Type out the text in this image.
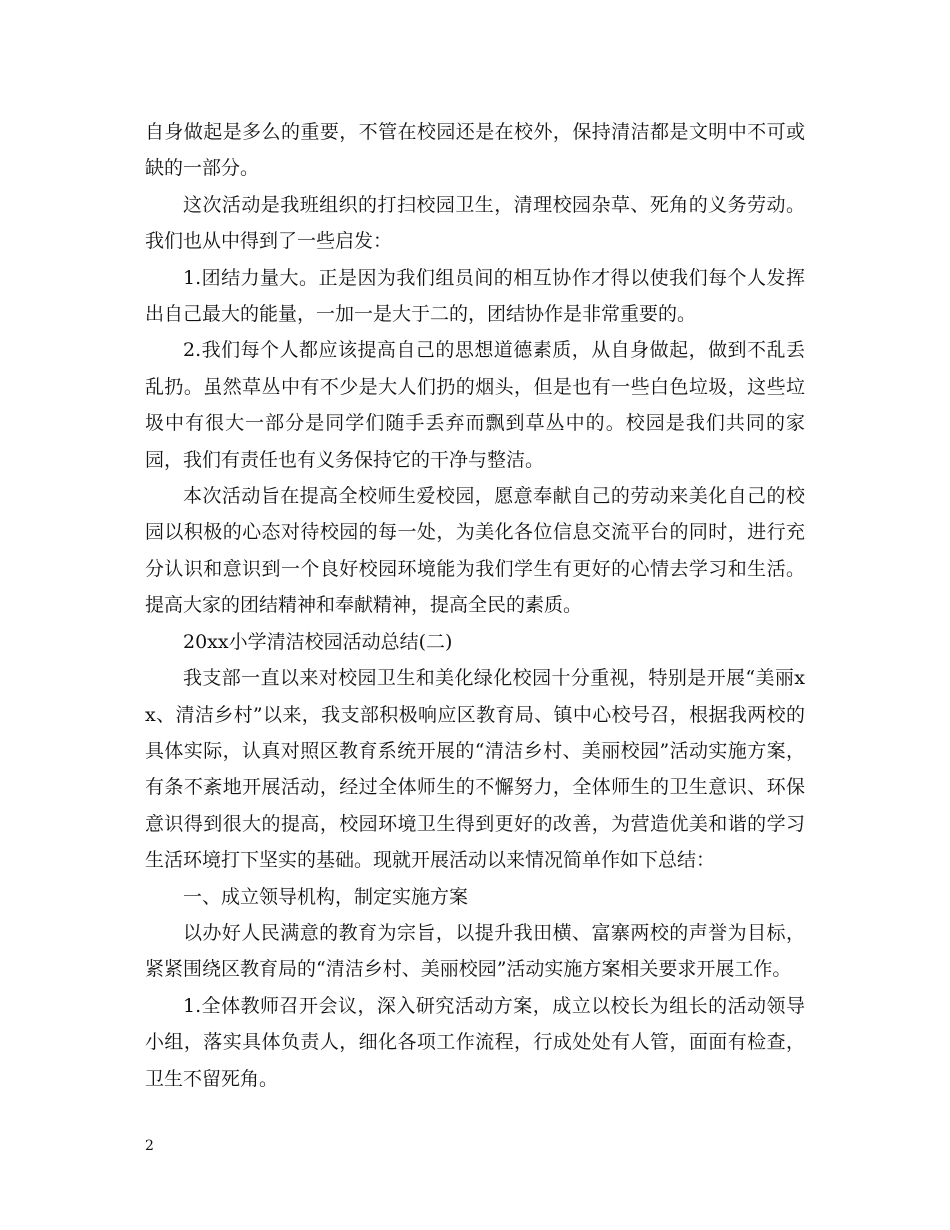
自身做起是多么的重要，不管在校园还是在校外，保持清洁都是文明中不可或缺的一部分。

这次活动是我班组织的打扫校园卫生，清理校园杂草、死角的义务劳动。我们也从中得到了一些启发：

1.团结力量大。正是因为我们组员间的相互协作才得以使我们每个人发挥出自己最大的能量，一加一是大于二的，团结协作是非常重要的。

2.我们每个人都应该提高自己的思想道德素质，从自身做起，做到不乱丢乱扔。虽然草丛中有不少是大人们扔的烟头，但是也有一些白色垃圾，这些垃圾中有很大一部分是同学们随手丢弃而飘到草丛中的。校园是我们共同的家园，我们有责任也有义务保持它的干净与整洁。

本次活动旨在提高全校师生爱校园，愿意奉献自己的劳动来美化自己的校园以积极的心态对待校园的每一处，为美化各位信息交流平台的同时，进行充分认识和意识到一个良好校园环境能为我们学生有更好的心情去学习和生活。提高大家的团结精神和奉献精神，提高全民的素质。

20xx小学清洁校园活动总结(二)

我支部一直以来对校园卫生和美化绿化校园十分重视，特别是开展“美丽xx、清洁乡村”以来，我支部积极响应区教育局、镇中心校号召，根据我两校的具体实际，认真对照区教育系统开展的“清洁乡村、美丽校园”活动实施方案，有条不紊地开展活动，经过全体师生的不懈努力，全体师生的卫生意识、环保意识得到很大的提高，校园环境卫生得到更好的改善，为营造优美和谐的学习生活环境打下坚实的基础。现就开展活动以来情况简单作如下总结：

一、成立领导机构，制定实施方案

以办好人民满意的教育为宗旨，以提升我田横、富寨两校的声誉为目标，紧紧围绕区教育局的“清洁乡村、美丽校园”活动实施方案相关要求开展工作。

1.全体教师召开会议，深入研究活动方案，成立以校长为组长的活动领导小组，落实具体负责人，细化各项工作流程，行成处处有人管，面面有检查，卫生不留死角。

2
